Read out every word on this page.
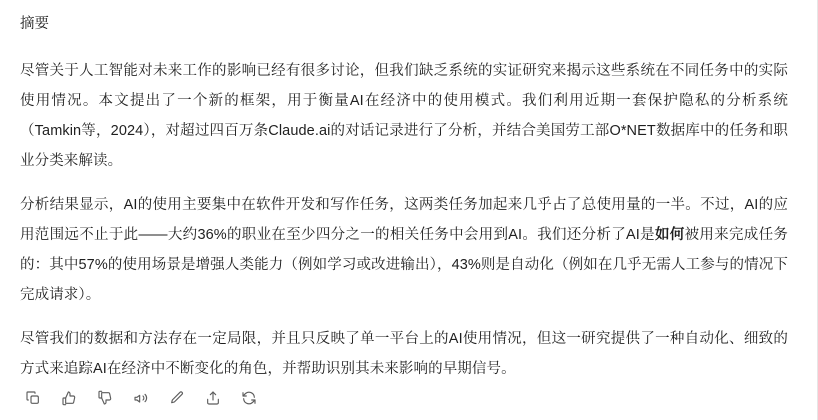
摘要

尽管关于人工智能对未来工作的影响已经有很多讨论，但我们缺乏系统的实证研究来揭示这些系统在不同任务中的实际使用情况。本文提出了一个新的框架，用于衡量AI在经济中的使用模式。我们利用近期一套保护隐私的分析系统（Tamkin等，2024），对超过四百万条Claude.ai的对话记录进行了分析，并结合美国劳工部O*NET数据库中的任务和职业分类来解读。

分析结果显示，AI的使用主要集中在软件开发和写作任务，这两类任务加起来几乎占了总使用量的一半。不过，AI的应用范围远不止于此——大约36%的职业在至少四分之一的相关任务中会用到AI。我们还分析了AI是如何被用来完成任务的：其中57%的使用场景是增强人类能力（例如学习或改进输出），43%则是自动化（例如在几乎无需人工参与的情况下完成请求）。

尽管我们的数据和方法存在一定局限，并且只反映了单一平台上的AI使用情况，但这一研究提供了一种自动化、细致的方式来追踪AI在经济中不断变化的角色，并帮助识别其未来影响的早期信号。
